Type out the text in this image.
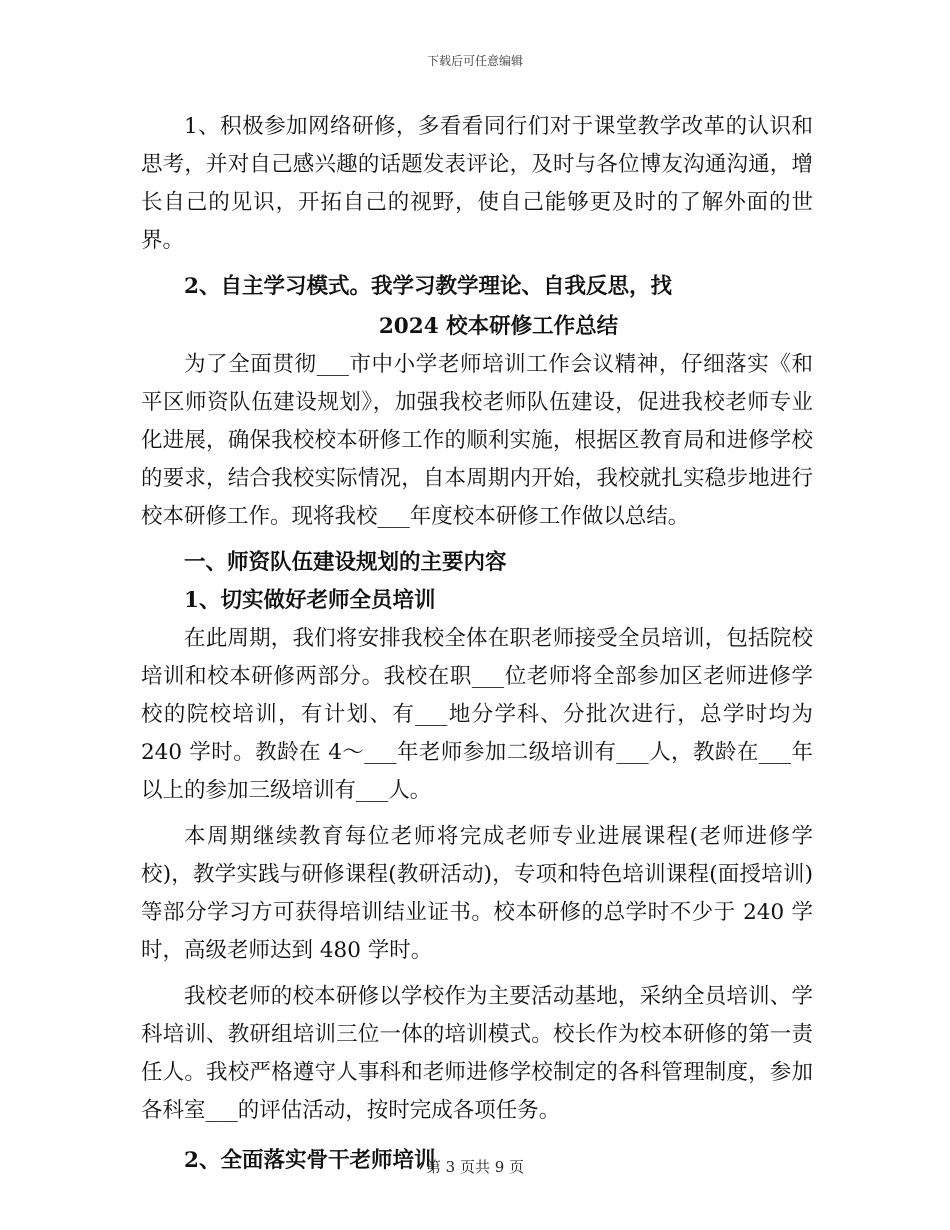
下载后可任意编辑

1、积极参加网络研修，多看看同行们对于课堂教学改革的认识和思考，并对自己感兴趣的话题发表评论，及时与各位博友沟通沟通，增长自己的见识，开拓自己的视野，使自己能够更及时的了解外面的世界。

2、自主学习模式。我学习教学理论、自我反思，找

2024 校本研修工作总结

为了全面贯彻___市中小学老师培训工作会议精神，仔细落实《和平区师资队伍建设规划》，加强我校老师队伍建设，促进我校老师专业化进展，确保我校校本研修工作的顺利实施，根据区教育局和进修学校的要求，结合我校实际情况，自本周期内开始，我校就扎实稳步地进行校本研修工作。现将我校___年度校本研修工作做以总结。

一、师资队伍建设规划的主要内容

1、切实做好老师全员培训

在此周期，我们将安排我校全体在职老师接受全员培训，包括院校培训和校本研修两部分。我校在职___位老师将全部参加区老师进修学校的院校培训，有计划、有___地分学科、分批次进行，总学时均为 240 学时。教龄在 4～___年老师参加二级培训有___人，教龄在___年以上的参加三级培训有___人。

本周期继续教育每位老师将完成老师专业进展课程(老师进修学校)，教学实践与研修课程(教研活动)，专项和特色培训课程(面授培训)等部分学习方可获得培训结业证书。校本研修的总学时不少于 240 学时，高级老师达到 480 学时。

我校老师的校本研修以学校作为主要活动基地，采纳全员培训、学科培训、教研组培训三位一体的培训模式。校长作为校本研修的第一责任人。我校严格遵守人事科和老师进修学校制定的各科管理制度，参加各科室___的评估活动，按时完成各项任务。

2、全面落实骨干老师培训

第 3 页共 9 页
